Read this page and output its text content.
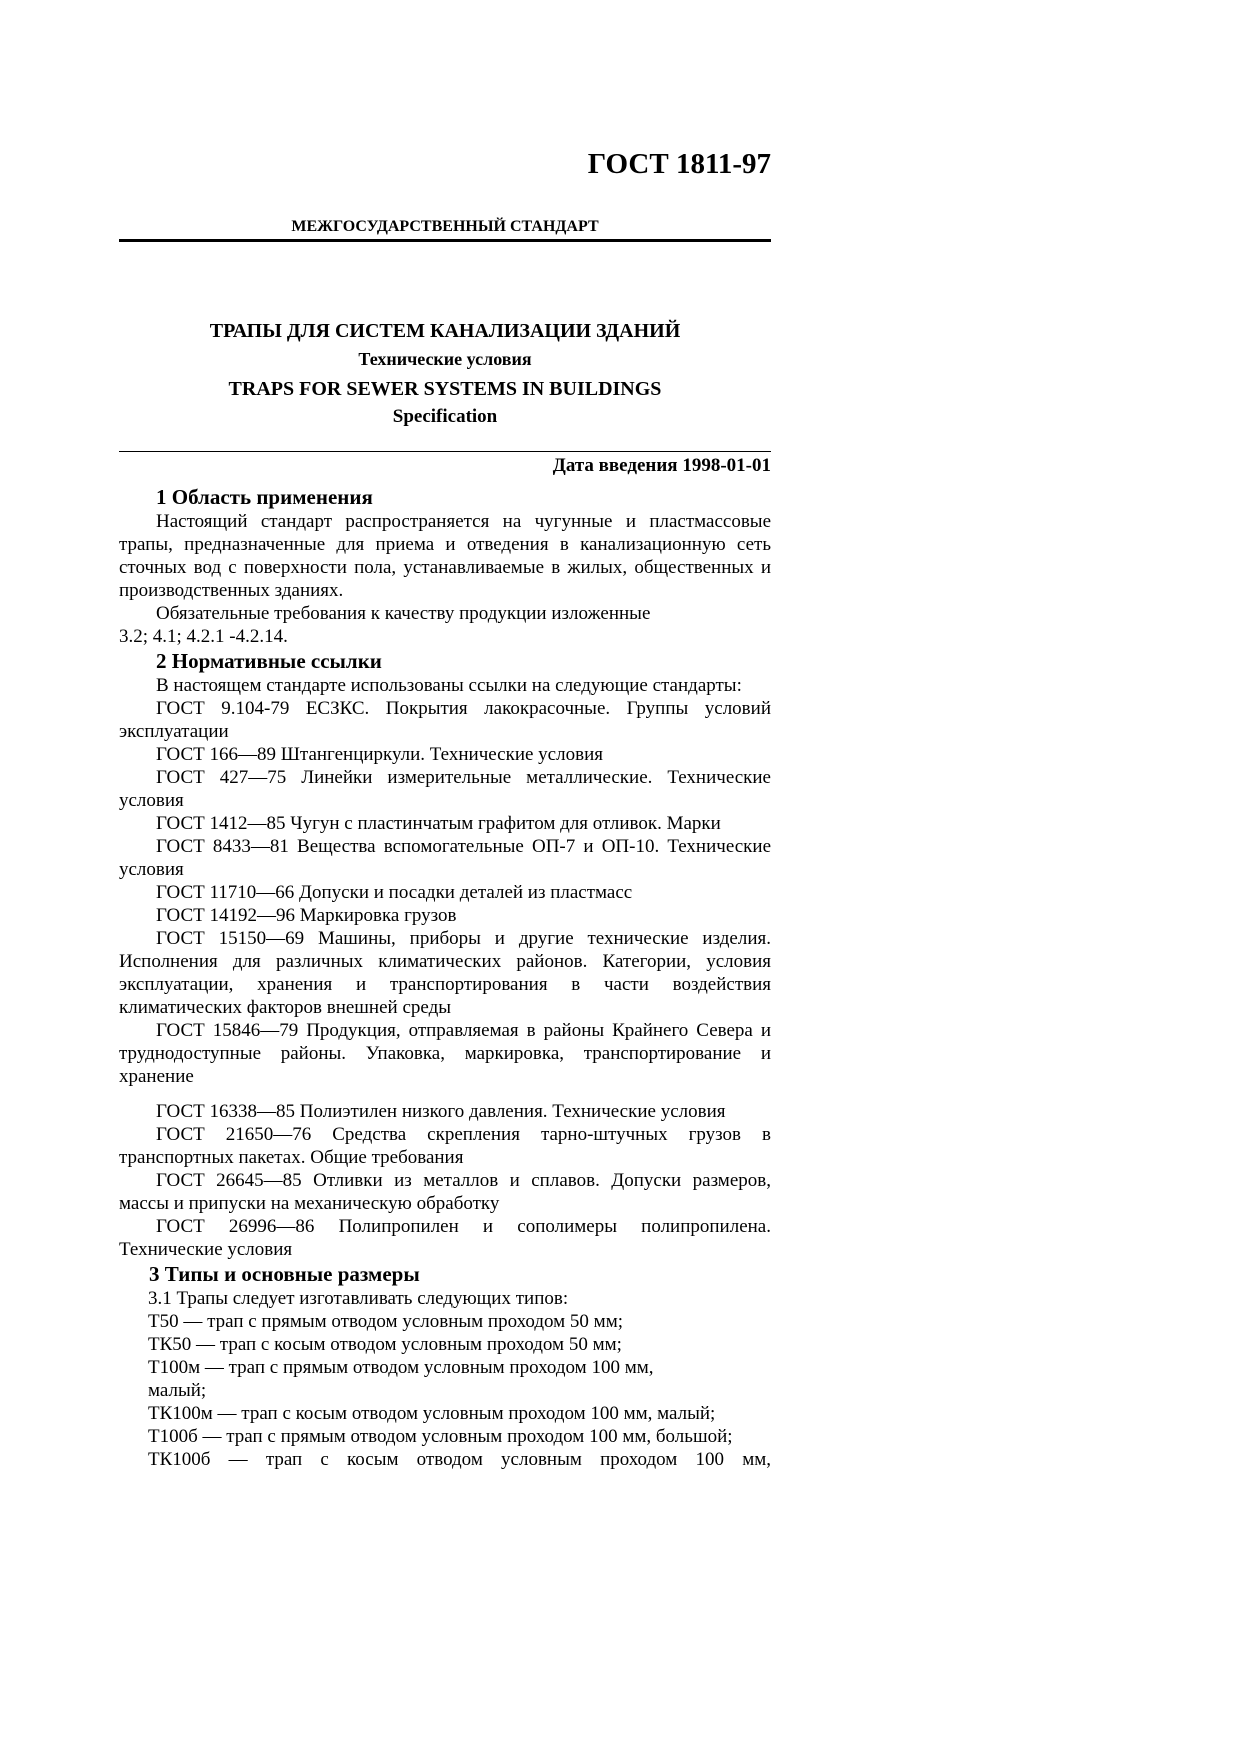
ГОСТ 1811-97
МЕЖГОСУДАРСТВЕННЫЙ СТАНДАРТ
ТРАПЫ ДЛЯ СИСТЕМ КАНАЛИЗАЦИИ ЗДАНИЙ
Технические условия
TRAPS FOR SEWER SYSTEMS IN BUILDINGS
Specification
Дата введения 1998-01-01
1 Область применения

Настоящий стандарт распространяется на чугунные и пластмассовые трапы, предназначенные для приема и отведения в канализационную сеть сточных вод с поверхности пола, устанавливаемые в жилых, общественных и производственных зданиях.

Обязательные требования к качеству продукции изложенные
3.2; 4.1; 4.2.1 -4.2.14.
2 Нормативные ссылки

В настоящем стандарте использованы ссылки на следующие стандарты:

ГОСТ 9.104-79 ЕСЗКС. Покрытия лакокрасочные. Группы условий эксплуатации

ГОСТ 166—89 Штангенциркули. Технические условия

ГОСТ 427—75 Линейки измерительные металлические. Технические условия

ГОСТ 1412—85 Чугун с пластинчатым графитом для отливок. Марки

ГОСТ 8433—81 Вещества вспомогательные ОП-7 и ОП-10. Технические условия

ГОСТ 11710—66 Допуски и посадки деталей из пластмасс

ГОСТ 14192—96 Маркировка грузов

ГОСТ 15150—69 Машины, приборы и другие технические изделия. Исполнения для различных климатических районов. Категории, условия эксплуатации, хранения и транспортирования в части воздействия климатических факторов внешней среды

ГОСТ 15846—79 Продукция, отправляемая в районы Крайнего Севера и труднодоступные районы. Упаковка, маркировка, транспортирование и хранение

ГОСТ 16338—85 Полиэтилен низкого давления. Технические условия

ГОСТ 21650—76 Средства скрепления тарно-штучных грузов в транспортных пакетах. Общие требования

ГОСТ 26645—85 Отливки из металлов и сплавов. Допуски размеров, массы и припуски на механическую обработку

ГОСТ 26996—86 Полипропилен и сополимеры полипропилена. Технические условия

3 Типы и основные размеры
3.1 Трапы следует изготавливать следующих типов:
Т50 — трап с прямым отводом условным проходом 50 мм;
ТК50 — трап с косым отводом условным проходом 50 мм;
Т100м — трап с прямым отводом условным проходом 100 мм,
малый;

ТК100м — трап с косым отводом условным проходом 100 мм, малый;

Т100б — трап с прямым отводом условным проходом 100 мм, большой;

ТК100б — трап с косым отводом условным проходом 100 мм,
